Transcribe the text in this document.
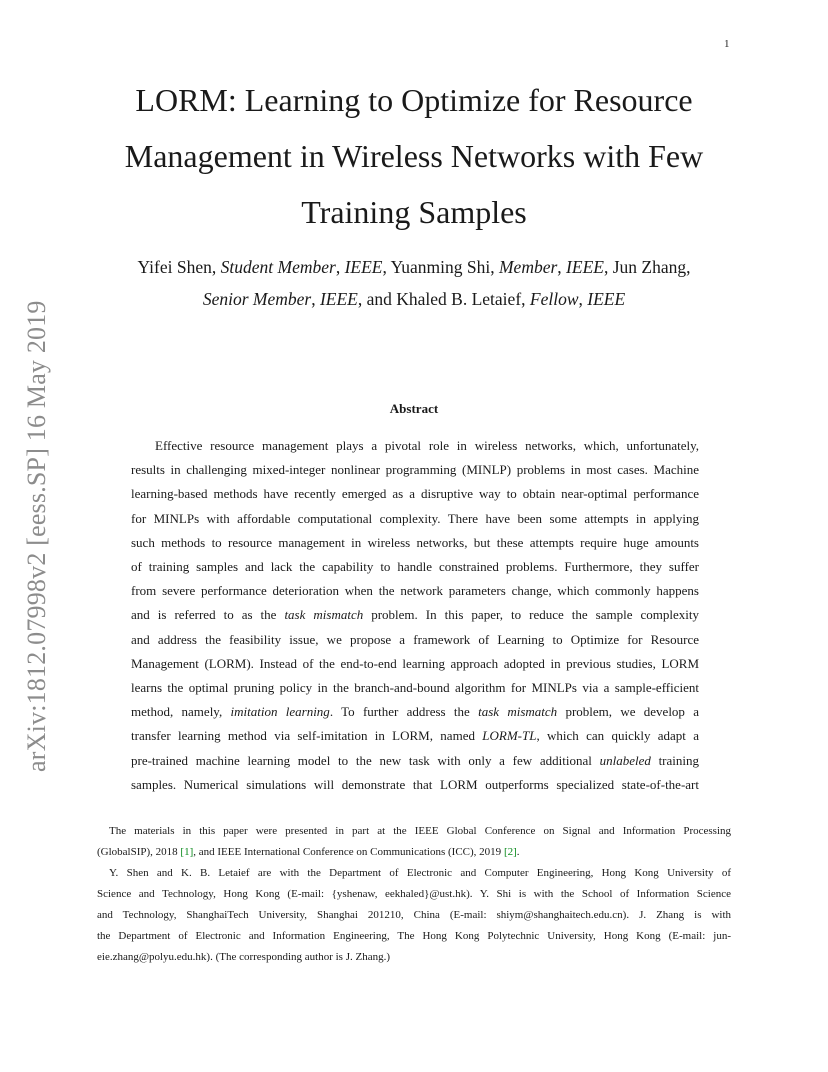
1
arXiv:1812.07998v2 [eess.SP] 16 May 2019
LORM: Learning to Optimize for Resource
Management in Wireless Networks with Few
Training Samples
Yifei Shen, Student Member, IEEE, Yuanming Shi, Member, IEEE, Jun Zhang,
Senior Member, IEEE, and Khaled B. Letaief, Fellow, IEEE
Abstract
Effective resource management plays a pivotal role in wireless networks, which, unfortunately,
results in challenging mixed-integer nonlinear programming (MINLP) problems in most cases. Machine
learning-based methods have recently emerged as a disruptive way to obtain near-optimal performance
for MINLPs with affordable computational complexity. There have been some attempts in applying
such methods to resource management in wireless networks, but these attempts require huge amounts
of training samples and lack the capability to handle constrained problems. Furthermore, they suffer
from severe performance deterioration when the network parameters change, which commonly happens
and is referred to as the task mismatch problem. In this paper, to reduce the sample complexity
and address the feasibility issue, we propose a framework of Learning to Optimize for Resource
Management (LORM). Instead of the end-to-end learning approach adopted in previous studies, LORM
learns the optimal pruning policy in the branch-and-bound algorithm for MINLPs via a sample-efficient
method, namely, imitation learning. To further address the task mismatch problem, we develop a
transfer learning method via self-imitation in LORM, named LORM-TL, which can quickly adapt a
pre-trained machine learning model to the new task with only a few additional unlabeled training
samples. Numerical simulations will demonstrate that LORM outperforms specialized state-of-the-art
The materials in this paper were presented in part at the IEEE Global Conference on Signal and Information Processing
(GlobalSIP), 2018 [ 1 ] , and IEEE International Conference on Communications (ICC), 2019 [ 2 ] .
Y. Shen and K. B. Letaief are with the Department of Electronic and Computer Engineering, Hong Kong University of
Science and Technology, Hong Kong (E-mail: {yshenaw, eekhaled}@ust.hk). Y. Shi is with the School of Information Science
and Technology, ShanghaiTech University, Shanghai 201210, China (E-mail: shiym@shanghaitech.edu.cn). J. Zhang is with
the Department of Electronic and Information Engineering, The Hong Kong Polytechnic University, Hong Kong (E-mail: jun-
eie.zhang@polyu.edu.hk). (The corresponding author is J. Zhang.)
